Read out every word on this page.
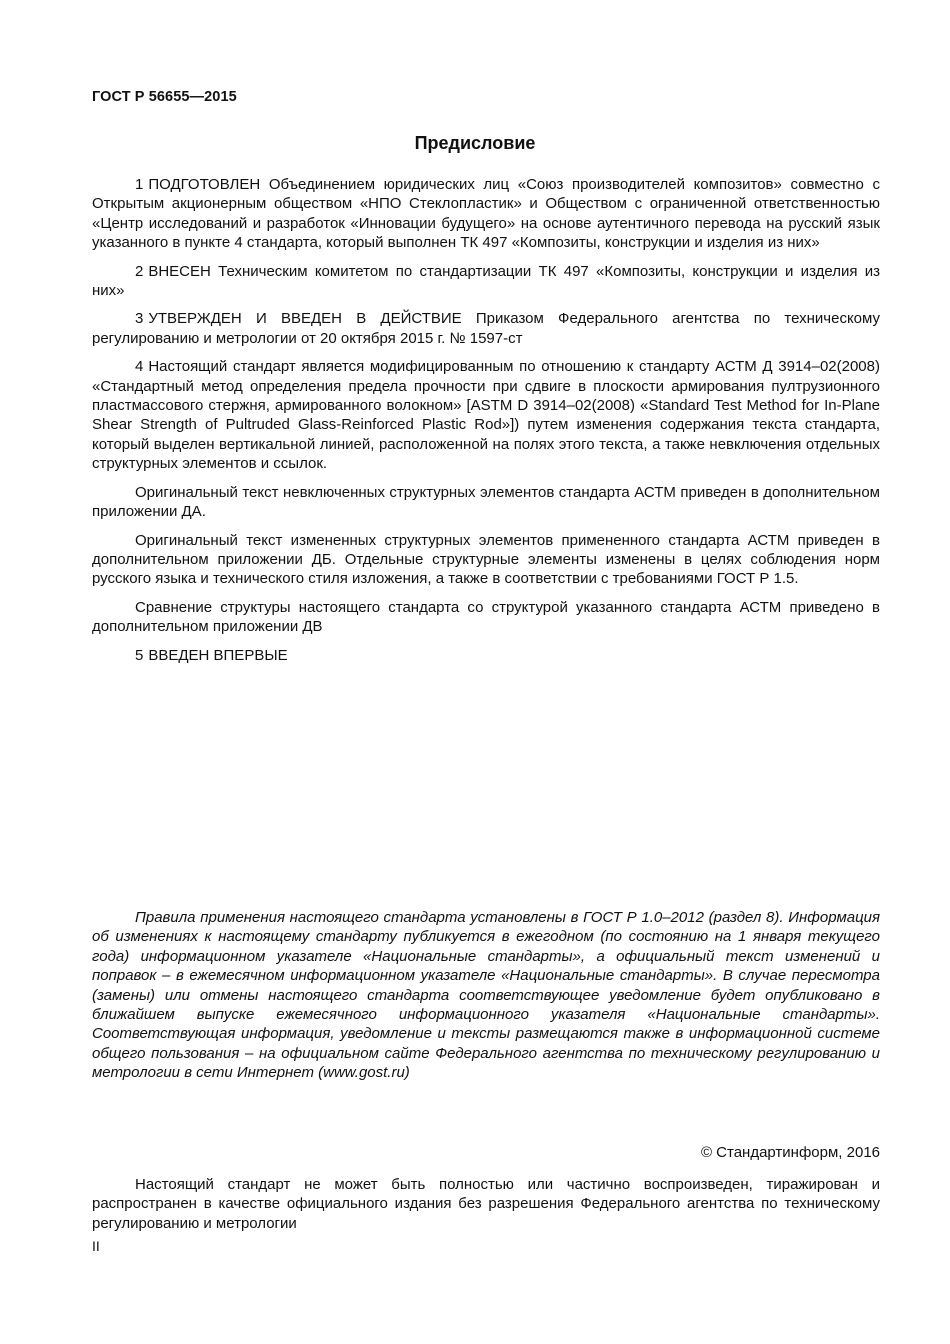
ГОСТ Р 56655—2015
Предисловие

1 ПОДГОТОВЛЕН Объединением юридических лиц «Союз производителей композитов» совместно с Открытым акционерным обществом «НПО Стеклопластик» и Обществом с ограниченной ответственностью «Центр исследований и разработок «Инновации будущего» на основе аутентичного перевода на русский язык указанного в пункте 4 стандарта, который выполнен ТК 497 «Композиты, конструкции и изделия из них»

2 ВНЕСЕН Техническим комитетом по стандартизации ТК 497 «Композиты, конструкции и изделия из них»

3 УТВЕРЖДЕН И ВВЕДЕН В ДЕЙСТВИЕ Приказом Федерального агентства по техническому регулированию и метрологии от 20 октября 2015 г. № 1597-ст

4 Настоящий стандарт является модифицированным по отношению к стандарту АСТМ Д 3914–02(2008) «Стандартный метод определения предела прочности при сдвиге в плоскости армирования пултрузионного пластмассового стержня, армированного волокном» [ASTM D 3914–02(2008) «Standard Test Method for In-Plane Shear Strength of Pultruded Glass-Reinforced Plastic Rod»]) путем изменения содержания текста стандарта, который выделен вертикальной линией, расположенной на полях этого текста, а также невключения отдельных структурных элементов и ссылок.

Оригинальный текст невключенных структурных элементов стандарта АСТМ приведен в дополнительном приложении ДА.

Оригинальный текст измененных структурных элементов примененного стандарта АСТМ приведен в дополнительном приложении ДБ. Отдельные структурные элементы изменены в целях соблюдения норм русского языка и технического стиля изложения, а также в соответствии с требованиями ГОСТ Р 1.5.

Сравнение структуры настоящего стандарта со структурой указанного стандарта АСТМ приведено в дополнительном приложении ДВ

5 ВВЕДЕН ВПЕРВЫЕ

Правила применения настоящего стандарта установлены в ГОСТ Р 1.0–2012 (раздел 8). Информация об изменениях к настоящему стандарту публикуется в ежегодном (по состоянию на 1 января текущего года) информационном указателе «Национальные стандарты», а официальный текст изменений и поправок – в ежемесячном информационном указателе «Национальные стандарты». В случае пересмотра (замены) или отмены настоящего стандарта соответствующее уведомление будет опубликовано в ближайшем выпуске ежемесячного информационного указателя «Национальные стандарты». Соответствующая информация, уведомление и тексты размещаются также в информационной системе общего пользования – на официальном сайте Федерального агентства по техническому регулированию и метрологии в сети Интернет (www.gost.ru)

© Стандартинформ, 2016

Настоящий стандарт не может быть полностью или частично воспроизведен, тиражирован и распространен в качестве официального издания без разрешения Федерального агентства по техническому регулированию и метрологии

II
